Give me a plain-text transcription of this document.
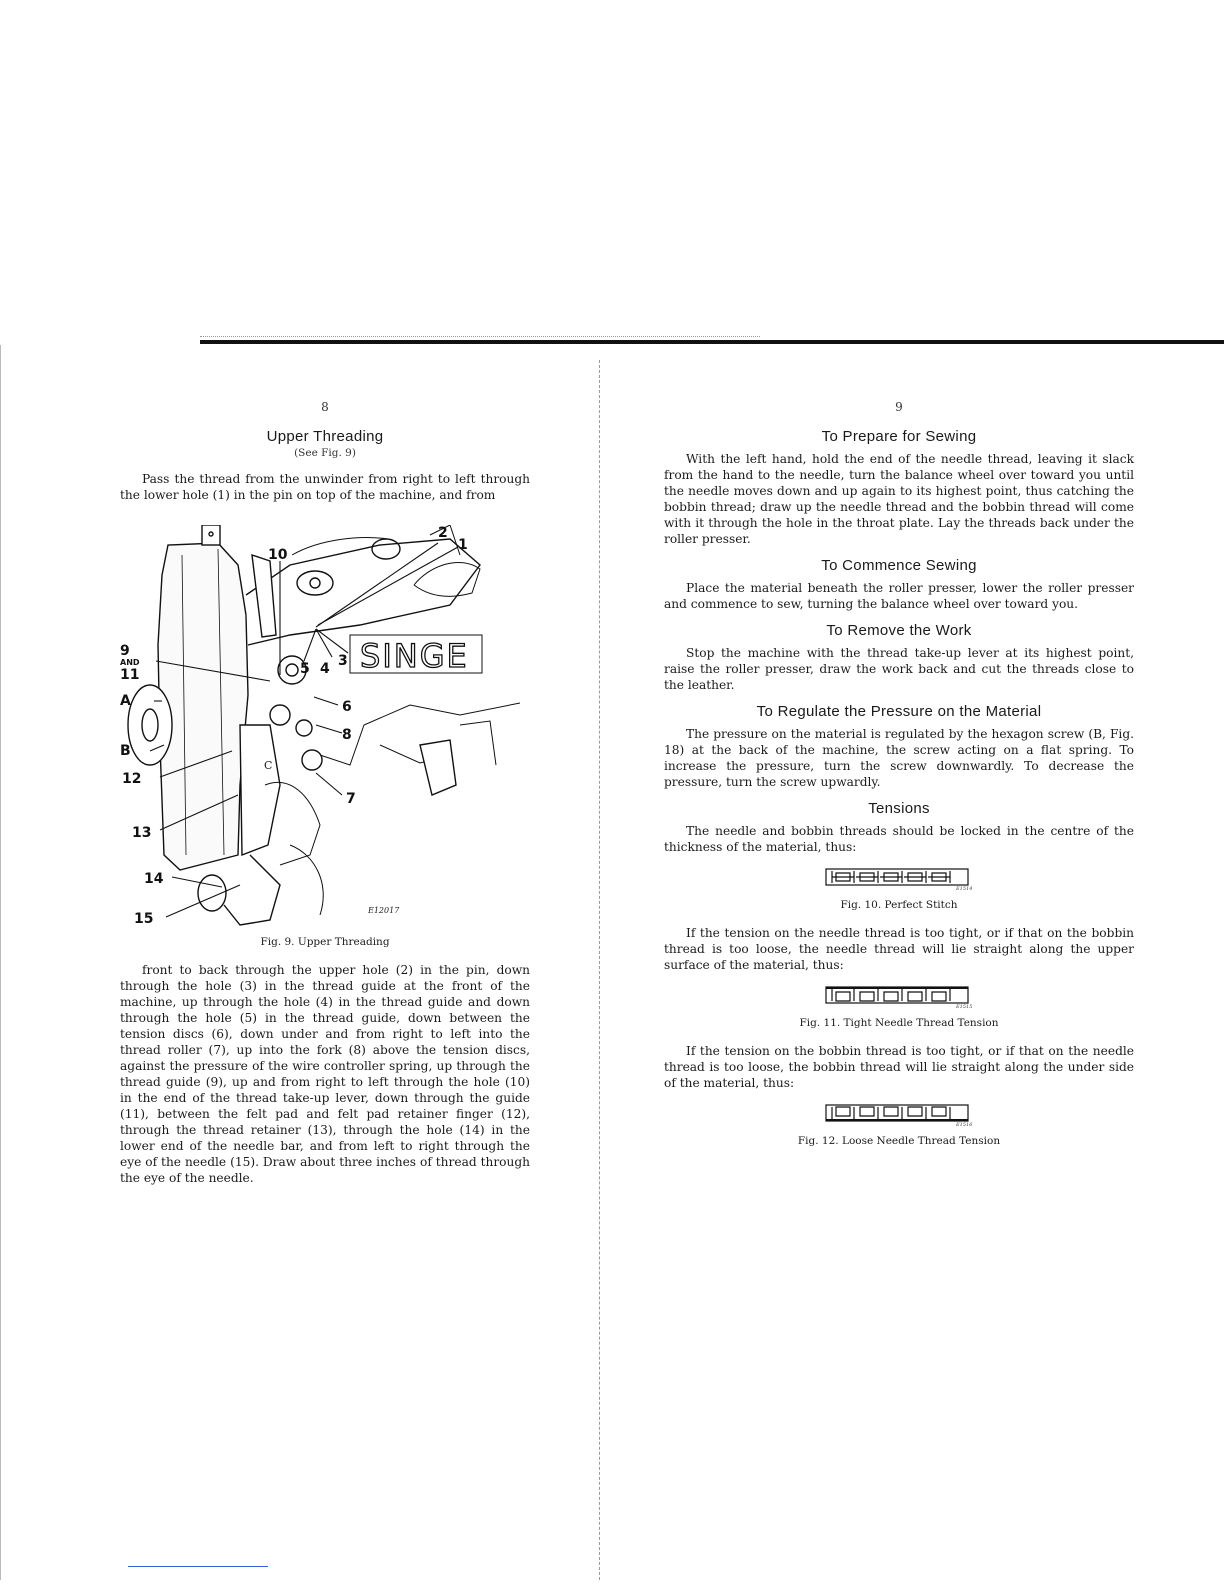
8
Upper Threading
(See Fig. 9)

Pass the thread from the unwinder from right to left through the lower hole (1) in the pin on top of the machine, and from

SINGE
2
1
10
3
4
5
6
8
7
9
AND
11
A
B
C
12
13
14
15
E12017
Fig. 9. Upper Threading

front to back through the upper hole (2) in the pin, down through the hole (3) in the thread guide at the front of the machine, up through the hole (4) in the thread guide and down through the hole (5) in the thread guide, down between the tension discs (6), down under and from right to left into the thread roller (7), up into the fork (8) above the tension discs, against the pressure of the wire controller spring, up through the thread guide (9), up and from right to left through the hole (10) in the end of the thread take-up lever, down through the guide (11), between the felt pad and felt pad retainer finger (12), through the thread retainer (13), through the hole (14) in the lower end of the needle bar, and from left to right through the eye of the needle (15). Draw about three inches of thread through the eye of the needle.

9
To Prepare for Sewing

With the left hand, hold the end of the needle thread, leaving it slack from the hand to the needle, turn the balance wheel over toward you until the needle moves down and up again to its highest point, thus catching the bobbin thread; draw up the needle thread and the bobbin thread will come with it through the hole in the throat plate. Lay the threads back under the roller presser.

To Commence Sewing

Place the material beneath the roller presser, lower the roller presser and commence to sew, turning the balance wheel over toward you.

To Remove the Work

Stop the machine with the thread take-up lever at its highest point, raise the roller presser, draw the work back and cut the threads close to the leather.

To Regulate the Pressure on the Material

The pressure on the material is regulated by the hexagon screw (B, Fig. 18) at the back of the machine, the screw acting on a flat spring. To increase the pressure, turn the screw downwardly. To decrease the pressure, turn the screw upwardly.

Tensions

The needle and bobbin threads should be locked in the centre of the thickness of the material, thus:

E1514
Fig. 10. Perfect Stitch

If the tension on the needle thread is too tight, or if that on the bobbin thread is too loose, the needle thread will lie straight along the upper surface of the material, thus:

E1515
Fig. 11. Tight Needle Thread Tension

If the tension on the bobbin thread is too tight, or if that on the needle thread is too loose, the bobbin thread will lie straight along the under side of the material, thus:

E1516
Fig. 12. Loose Needle Thread Tension
